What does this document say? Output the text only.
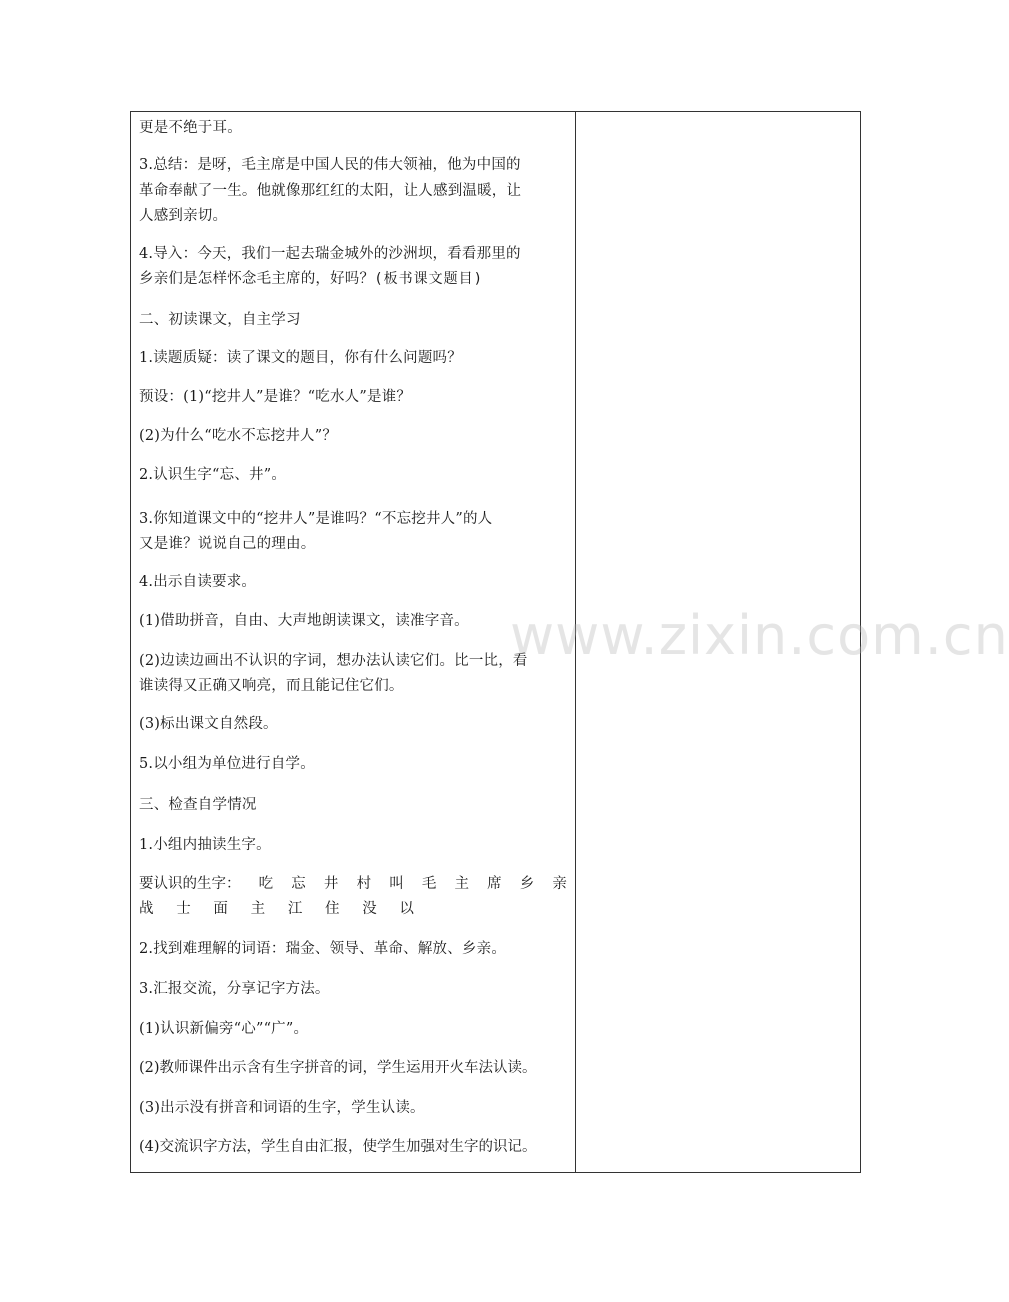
更是不绝于耳。
3.总结：是呀，毛主席是中国人民的伟大领袖，他为中国的
革命奉献了一生。他就像那红红的太阳，让人感到温暖，让
人感到亲切。
4.导入：今天，我们一起去瑞金城外的沙洲坝，看看那里的
乡亲们是怎样怀念毛主席的，好吗？(板书课文题目)
二、初读课文，自主学习
1.读题质疑：读了课文的题目，你有什么问题吗？
预设：(1)“挖井人”是谁？“吃水人”是谁？
(2)为什么“吃水不忘挖井人”？
2.认识生字“忘、井”。
3.你知道课文中的“挖井人”是谁吗？“不忘挖井人”的人
又是谁？说说自己的理由。
4.出示自读要求。
(1)借助拼音，自由、大声地朗读课文，读准字音。
(2)边读边画出不认识的字词，想办法认读它们。比一比，看
谁读得又正确又响亮，而且能记住它们。
(3)标出课文自然段。
5.以小组为单位进行自学。
三、检查自学情况
1.小组内抽读生字。
要认识的生字： 吃 忘 井 村 叫 毛 主 席 乡 亲
战 士 面 主 江 住 没 以
2.找到难理解的词语：瑞金、领导、革命、解放、乡亲。
3.汇报交流，分享记字方法。
(1)认识新偏旁“心”“广”。
(2)教师课件出示含有生字拼音的词，学生运用开火车法认读。
(3)出示没有拼音和词语的生字，学生认读。
(4)交流识字方法，学生自由汇报，使学生加强对生字的识记。
www.zixin.com.cn
